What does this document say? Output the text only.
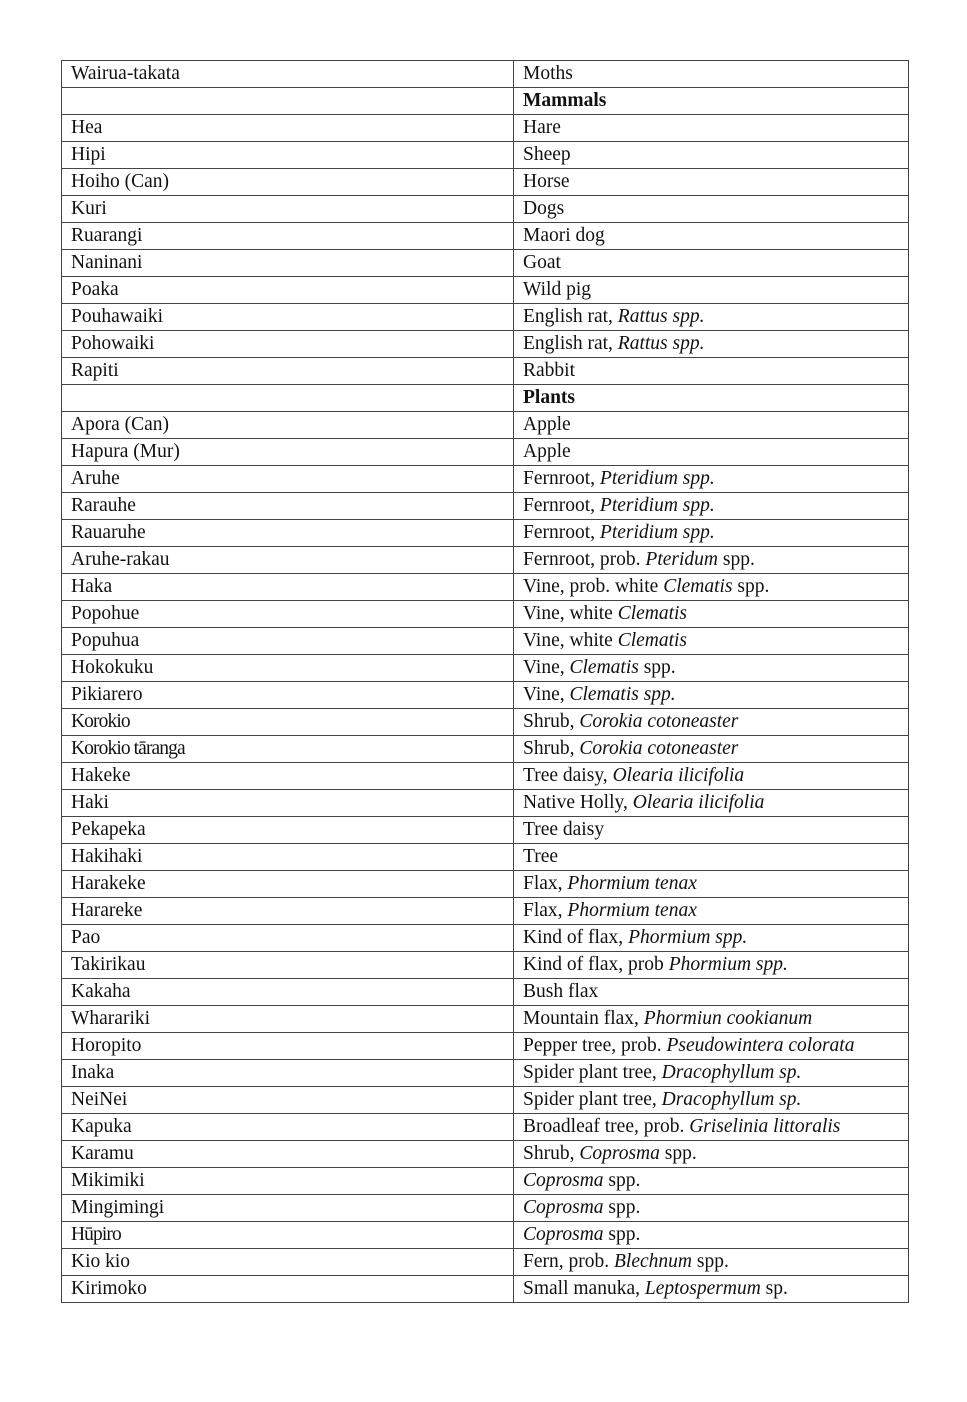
Wairua-takata	Moths
	Mammals
Hea	Hare
Hipi	Sheep
Hoiho (Can)	Horse
Kuri	Dogs
Ruarangi	Maori dog
Naninani	Goat
Poaka	Wild pig
Pouhawaiki	English rat, Rattus spp.
Pohowaiki	English rat, Rattus spp.
Rapiti	Rabbit
	Plants
Apora (Can)	Apple
Hapura (Mur)	Apple
Aruhe	Fernroot, Pteridium spp.
Rarauhe	Fernroot, Pteridium spp.
Rauaruhe	Fernroot, Pteridium spp.
Aruhe-rakau	Fernroot, prob. Pteridum spp.
Haka	Vine, prob. white Clematis spp.
Popohue	Vine, white Clematis
Popuhua	Vine, white Clematis
Hokokuku	Vine, Clematis spp.
Pikiarero	Vine, Clematis spp.
Korokio	Shrub, Corokia cotoneaster
Korokio tāranga	Shrub, Corokia cotoneaster
Hakeke	Tree daisy, Olearia ilicifolia
Haki	Native Holly, Olearia ilicifolia
Pekapeka	Tree daisy
Hakihaki	Tree
Harakeke	Flax, Phormium tenax
Harareke	Flax, Phormium tenax
Pao	Kind of flax, Phormium spp.
Takirikau	Kind of flax, prob Phormium spp.
Kakaha	Bush flax
Wharariki	Mountain flax, Phormiun cookianum
Horopito	Pepper tree, prob. Pseudowintera colorata
Inaka	Spider plant tree, Dracophyllum sp.
NeiNei	Spider plant tree, Dracophyllum sp.
Kapuka	Broadleaf tree, prob. Griselinia littoralis
Karamu	Shrub, Coprosma spp.
Mikimiki	Coprosma spp.
Mingimingi	Coprosma spp.
Hūpiro	Coprosma spp.
Kio kio	Fern, prob. Blechnum spp.
Kirimoko	Small manuka, Leptospermum sp.
